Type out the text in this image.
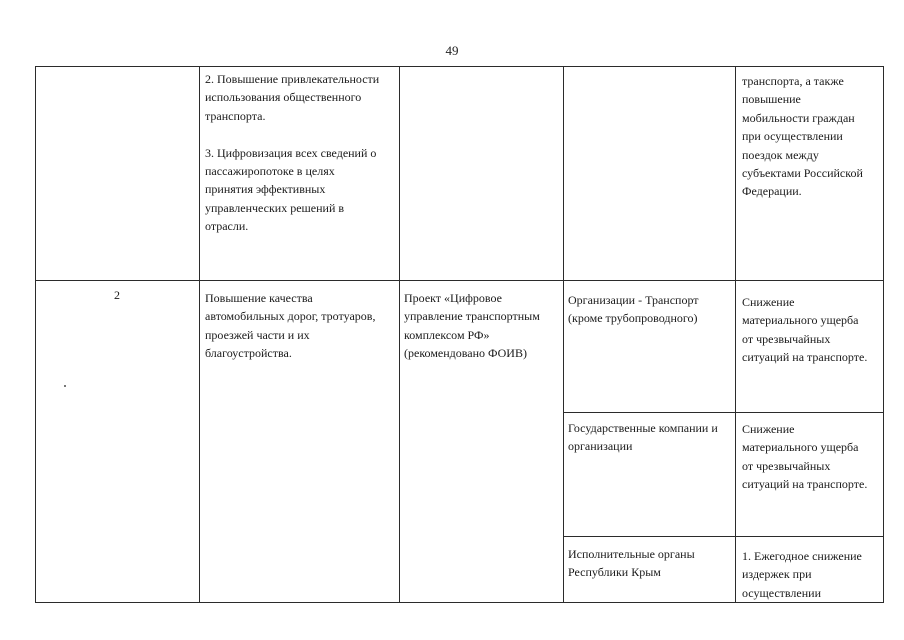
49
2. Повышение привлекательности
использования общественного
транспорта.

3. Цифровизация всех сведений о
пассажиропотоке в целях
принятия эффективных
управленческих решений в
отрасли.
транспорта, а также
повышение
мобильности граждан
при осуществлении
поездок между
субъектами Российской
Федерации.
2	Повышение качества
автомобильных дорог, тротуаров,
проезжей части и их
благоустройства.
Проект «Цифровое
управление транспортным
комплексом РФ»
(рекомендовано ФОИВ)
Организации - Транспорт
(кроме трубопроводного)
Снижение
материального ущерба
от чрезвычайных
ситуаций на транспорте.
Государственные компании и
организации
Снижение
материального ущерба
от чрезвычайных
ситуаций на транспорте.
Исполнительные органы
Республики Крым
1. Ежегодное снижение
издержек при
осуществлении
